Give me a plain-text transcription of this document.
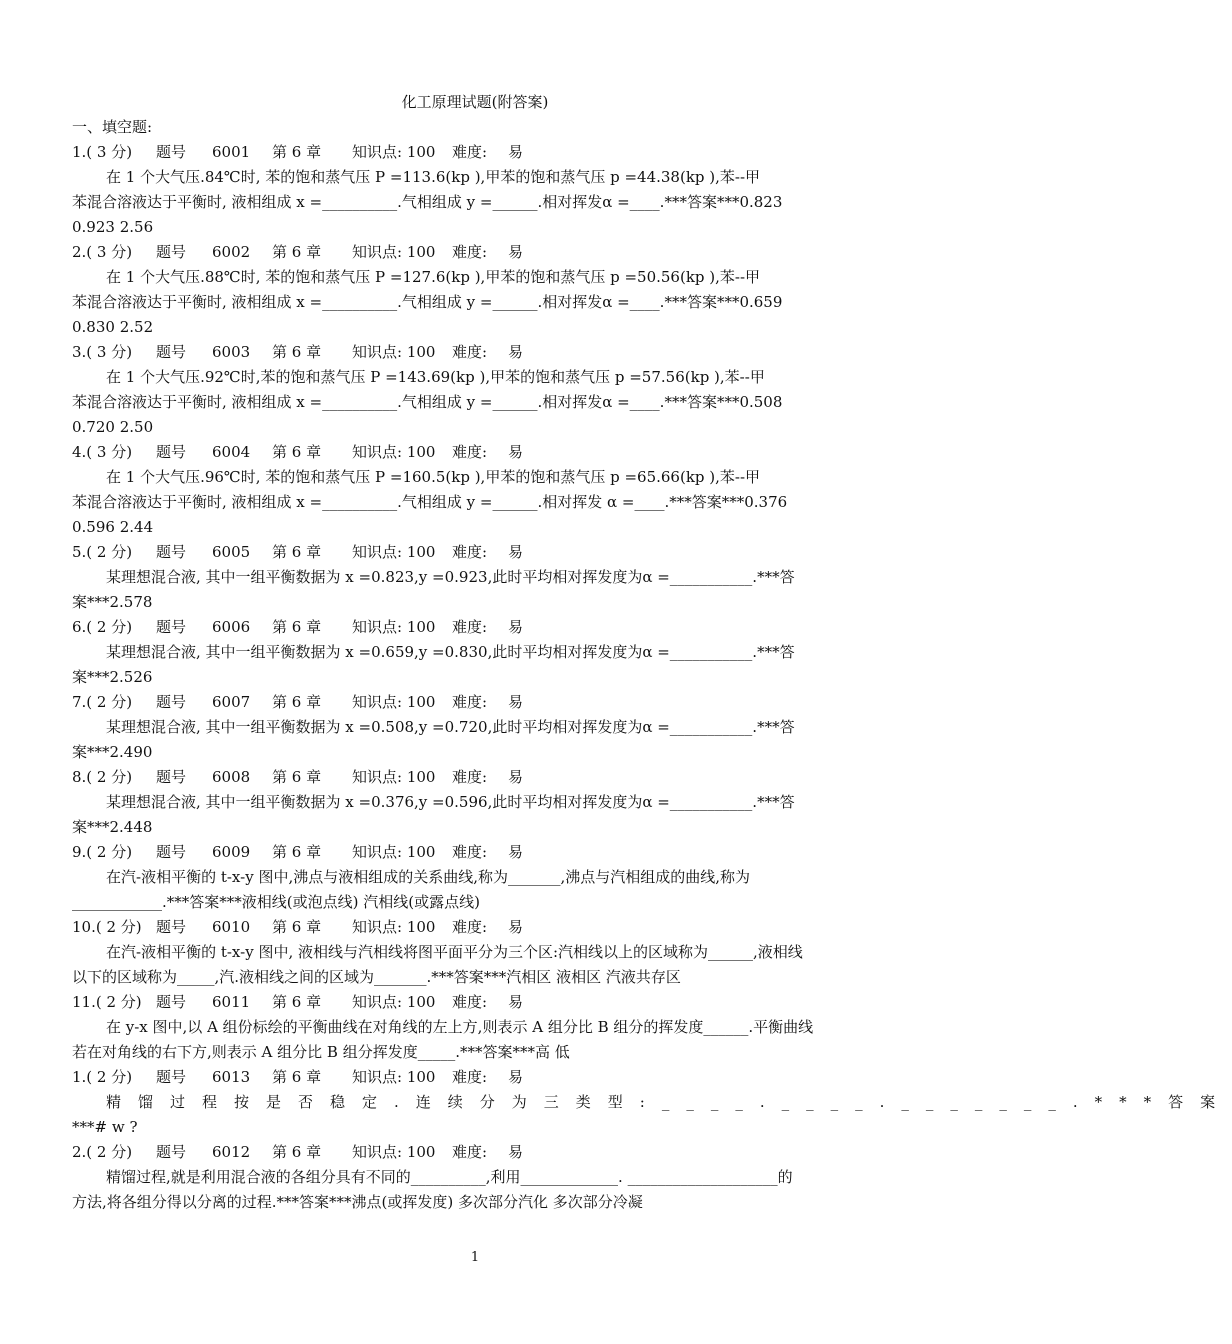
化工原理试题(附答案)
一、填空题:
1.( 3 分) 题号 6001 第 6 章 知识点: 100 难度: 易
在 1 个大气压.84℃时, 苯的饱和蒸气压 P =113.6(kp ),甲苯的饱和蒸气压 p =44.38(kp ),苯--甲
苯混合溶液达于平衡时, 液相组成 x =__________.气相组成 y =______.相对挥发α =____.***答案***0.823
0.923 2.56
2.( 3 分) 题号 6002 第 6 章 知识点: 100 难度: 易
在 1 个大气压.88℃时, 苯的饱和蒸气压 P =127.6(kp ),甲苯的饱和蒸气压 p =50.56(kp ),苯--甲
苯混合溶液达于平衡时, 液相组成 x =__________.气相组成 y =______.相对挥发α =____.***答案***0.659
0.830 2.52
3.( 3 分) 题号 6003 第 6 章 知识点: 100 难度: 易
在 1 个大气压.92℃时,苯的饱和蒸气压 P =143.69(kp ),甲苯的饱和蒸气压 p =57.56(kp ),苯--甲
苯混合溶液达于平衡时, 液相组成 x =__________.气相组成 y =______.相对挥发α =____.***答案***0.508
0.720 2.50
4.( 3 分) 题号 6004 第 6 章 知识点: 100 难度: 易
在 1 个大气压.96℃时, 苯的饱和蒸气压 P =160.5(kp ),甲苯的饱和蒸气压 p =65.66(kp ),苯--甲
苯混合溶液达于平衡时, 液相组成 x =__________.气相组成 y =______.相对挥发 α =____.***答案***0.376
0.596 2.44
5.( 2 分) 题号 6005 第 6 章 知识点: 100 难度: 易
某理想混合液, 其中一组平衡数据为 x =0.823,y =0.923,此时平均相对挥发度为α =___________.***答
案***2.578
6.( 2 分) 题号 6006 第 6 章 知识点: 100 难度: 易
某理想混合液, 其中一组平衡数据为 x =0.659,y =0.830,此时平均相对挥发度为α =___________.***答
案***2.526
7.( 2 分) 题号 6007 第 6 章 知识点: 100 难度: 易
某理想混合液, 其中一组平衡数据为 x =0.508,y =0.720,此时平均相对挥发度为α =___________.***答
案***2.490
8.( 2 分) 题号 6008 第 6 章 知识点: 100 难度: 易
某理想混合液, 其中一组平衡数据为 x =0.376,y =0.596,此时平均相对挥发度为α =___________.***答
案***2.448
9.( 2 分) 题号 6009 第 6 章 知识点: 100 难度: 易
在汽-液相平衡的 t-x-y 图中,沸点与液相组成的关系曲线,称为_______,沸点与汽相组成的曲线,称为
____________.***答案***液相线(或泡点线) 汽相线(或露点线)
10.( 2 分) 题号 6010 第 6 章 知识点: 100 难度: 易
在汽-液相平衡的 t-x-y 图中, 液相线与汽相线将图平面平分为三个区:汽相线以上的区域称为______,液相线
以下的区域称为_____,汽.液相线之间的区域为_______.***答案***汽相区 液相区 汽液共存区
11.( 2 分) 题号 6011 第 6 章 知识点: 100 难度: 易
在 y-x 图中,以 A 组份标绘的平衡曲线在对角线的左上方,则表示 A 组分比 B 组分的挥发度______.平衡曲线
若在对角线的右下方,则表示 A 组分比 B 组分挥发度_____.***答案***高 低
1.( 2 分) 题号 6013 第 6 章 知识点: 100 难度: 易
精馏过程按是否稳定.连续分为三类型:____.____._______.***答案
***# w ?
2.( 2 分) 题号 6012 第 6 章 知识点: 100 难度: 易
精馏过程,就是利用混合液的各组分具有不同的__________,利用_____________. ____________________的
方法,将各组分得以分离的过程.***答案***沸点(或挥发度) 多次部分汽化 多次部分冷凝
1
